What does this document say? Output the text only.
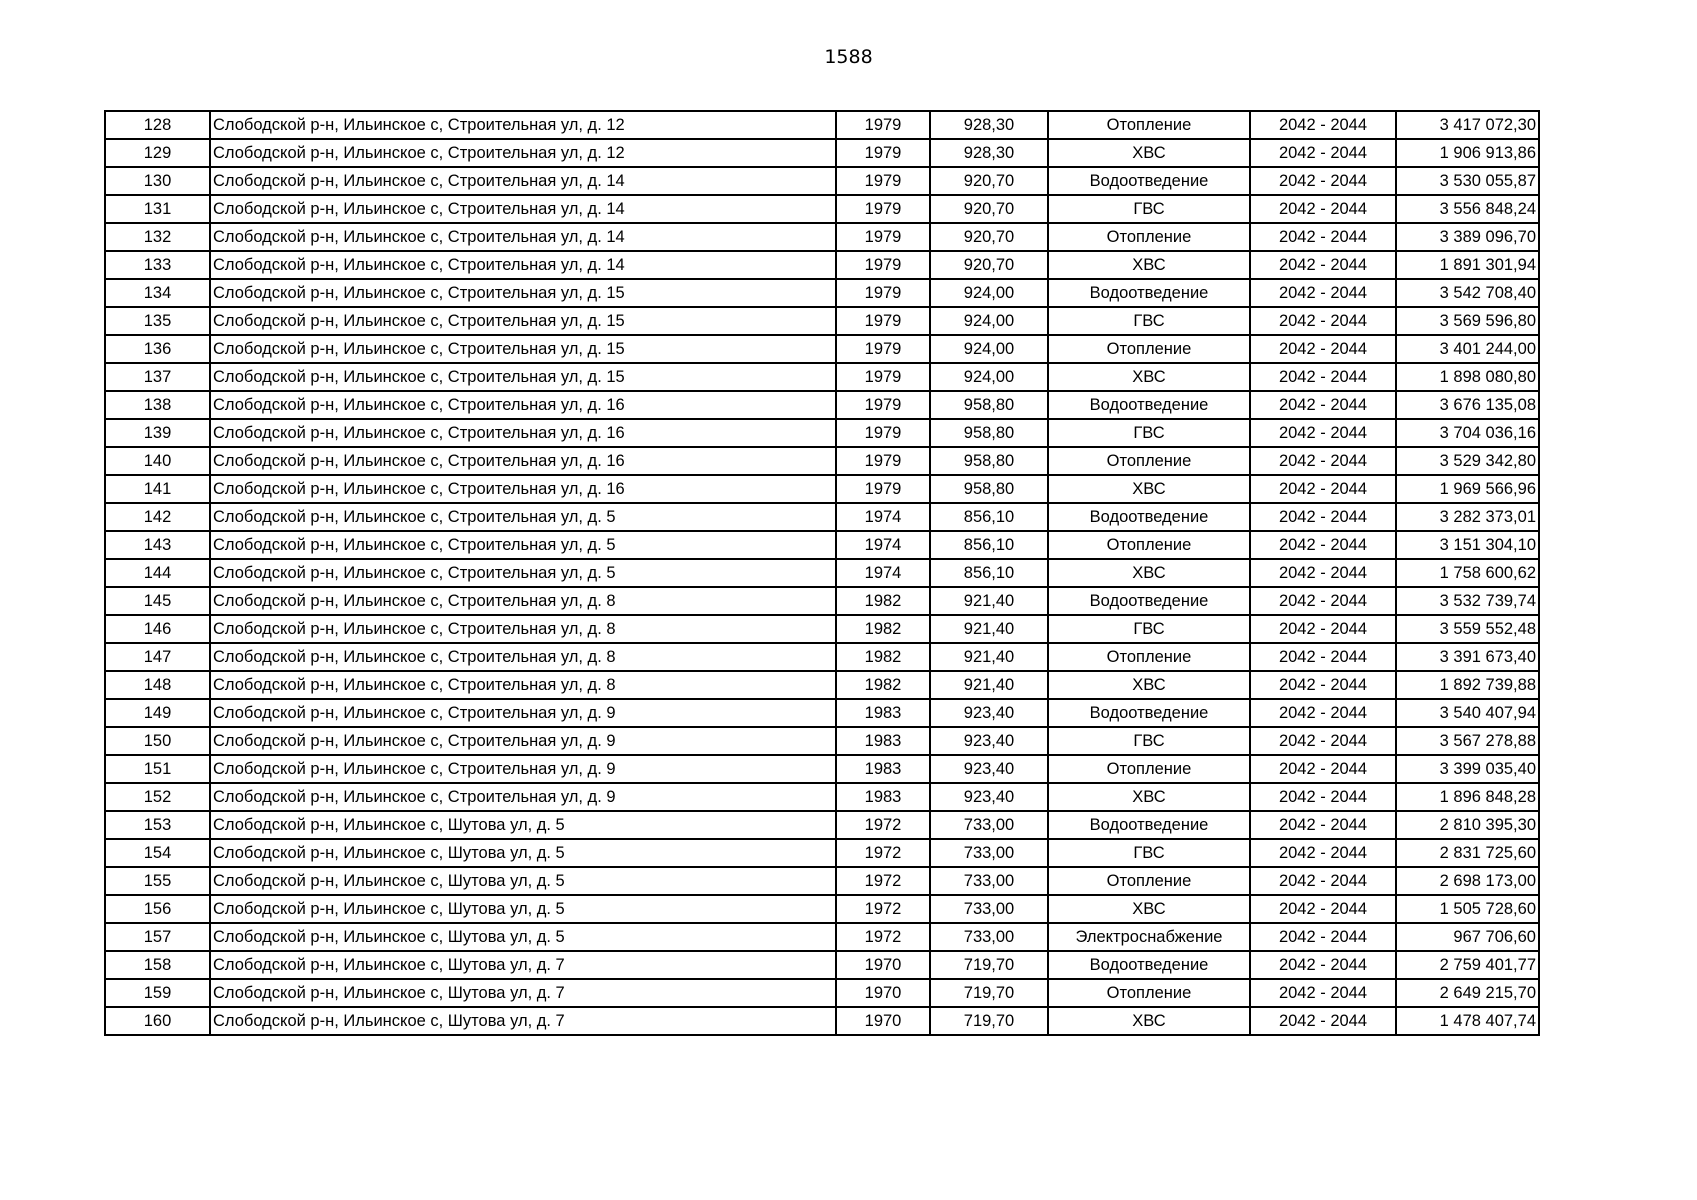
1588
128	Слободской р-н, Ильинское с, Строительная ул, д. 12	1979	928,30	Отопление	2042 - 2044	3 417 072,30
129	Слободской р-н, Ильинское с, Строительная ул, д. 12	1979	928,30	ХВС	2042 - 2044	1 906 913,86
130	Слободской р-н, Ильинское с, Строительная ул, д. 14	1979	920,70	Водоотведение	2042 - 2044	3 530 055,87
131	Слободской р-н, Ильинское с, Строительная ул, д. 14	1979	920,70	ГВС	2042 - 2044	3 556 848,24
132	Слободской р-н, Ильинское с, Строительная ул, д. 14	1979	920,70	Отопление	2042 - 2044	3 389 096,70
133	Слободской р-н, Ильинское с, Строительная ул, д. 14	1979	920,70	ХВС	2042 - 2044	1 891 301,94
134	Слободской р-н, Ильинское с, Строительная ул, д. 15	1979	924,00	Водоотведение	2042 - 2044	3 542 708,40
135	Слободской р-н, Ильинское с, Строительная ул, д. 15	1979	924,00	ГВС	2042 - 2044	3 569 596,80
136	Слободской р-н, Ильинское с, Строительная ул, д. 15	1979	924,00	Отопление	2042 - 2044	3 401 244,00
137	Слободской р-н, Ильинское с, Строительная ул, д. 15	1979	924,00	ХВС	2042 - 2044	1 898 080,80
138	Слободской р-н, Ильинское с, Строительная ул, д. 16	1979	958,80	Водоотведение	2042 - 2044	3 676 135,08
139	Слободской р-н, Ильинское с, Строительная ул, д. 16	1979	958,80	ГВС	2042 - 2044	3 704 036,16
140	Слободской р-н, Ильинское с, Строительная ул, д. 16	1979	958,80	Отопление	2042 - 2044	3 529 342,80
141	Слободской р-н, Ильинское с, Строительная ул, д. 16	1979	958,80	ХВС	2042 - 2044	1 969 566,96
142	Слободской р-н, Ильинское с, Строительная ул, д. 5	1974	856,10	Водоотведение	2042 - 2044	3 282 373,01
143	Слободской р-н, Ильинское с, Строительная ул, д. 5	1974	856,10	Отопление	2042 - 2044	3 151 304,10
144	Слободской р-н, Ильинское с, Строительная ул, д. 5	1974	856,10	ХВС	2042 - 2044	1 758 600,62
145	Слободской р-н, Ильинское с, Строительная ул, д. 8	1982	921,40	Водоотведение	2042 - 2044	3 532 739,74
146	Слободской р-н, Ильинское с, Строительная ул, д. 8	1982	921,40	ГВС	2042 - 2044	3 559 552,48
147	Слободской р-н, Ильинское с, Строительная ул, д. 8	1982	921,40	Отопление	2042 - 2044	3 391 673,40
148	Слободской р-н, Ильинское с, Строительная ул, д. 8	1982	921,40	ХВС	2042 - 2044	1 892 739,88
149	Слободской р-н, Ильинское с, Строительная ул, д. 9	1983	923,40	Водоотведение	2042 - 2044	3 540 407,94
150	Слободской р-н, Ильинское с, Строительная ул, д. 9	1983	923,40	ГВС	2042 - 2044	3 567 278,88
151	Слободской р-н, Ильинское с, Строительная ул, д. 9	1983	923,40	Отопление	2042 - 2044	3 399 035,40
152	Слободской р-н, Ильинское с, Строительная ул, д. 9	1983	923,40	ХВС	2042 - 2044	1 896 848,28
153	Слободской р-н, Ильинское с, Шутова ул, д. 5	1972	733,00	Водоотведение	2042 - 2044	2 810 395,30
154	Слободской р-н, Ильинское с, Шутова ул, д. 5	1972	733,00	ГВС	2042 - 2044	2 831 725,60
155	Слободской р-н, Ильинское с, Шутова ул, д. 5	1972	733,00	Отопление	2042 - 2044	2 698 173,00
156	Слободской р-н, Ильинское с, Шутова ул, д. 5	1972	733,00	ХВС	2042 - 2044	1 505 728,60
157	Слободской р-н, Ильинское с, Шутова ул, д. 5	1972	733,00	Электроснабжение	2042 - 2044	967 706,60
158	Слободской р-н, Ильинское с, Шутова ул, д. 7	1970	719,70	Водоотведение	2042 - 2044	2 759 401,77
159	Слободской р-н, Ильинское с, Шутова ул, д. 7	1970	719,70	Отопление	2042 - 2044	2 649 215,70
160	Слободской р-н, Ильинское с, Шутова ул, д. 7	1970	719,70	ХВС	2042 - 2044	1 478 407,74
